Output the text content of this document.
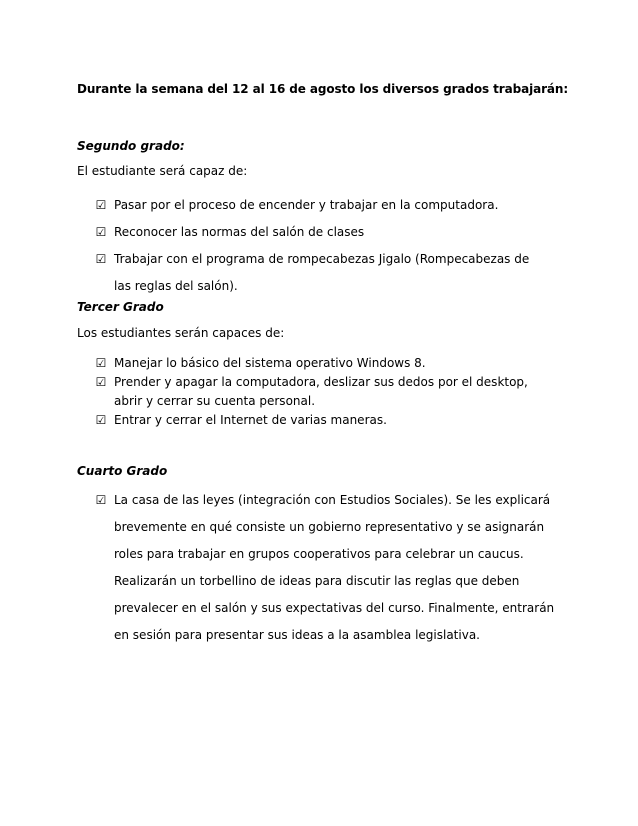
Durante la semana del 12 al 16 de agosto los diversos grados trabajarán:
Segundo grado:
El estudiante será capaz de:
☑ Pasar por el proceso de encender y trabajar en la computadora.
☑ Reconocer las normas del salón de clases
☑ Trabajar con el programa de rompecabezas Jigalo (Rompecabezas de las reglas del salón).
Tercer Grado
Los estudiantes serán capaces de:
☑ Manejar lo básico del sistema operativo Windows 8.
☑ Prender y apagar la computadora, deslizar sus dedos por el desktop, abrir y cerrar su cuenta personal.
☑ Entrar y cerrar el Internet de varias maneras.
Cuarto Grado
☑ La casa de las leyes (integración con Estudios Sociales). Se les explicará brevemente en qué consiste un gobierno representativo y se asignarán roles para trabajar en grupos cooperativos para celebrar un caucus. Realizarán un torbellino de ideas para discutir las reglas que deben prevalecer en el salón y sus expectativas del curso. Finalmente, entrarán en sesión para presentar sus ideas a la asamblea legislativa.
